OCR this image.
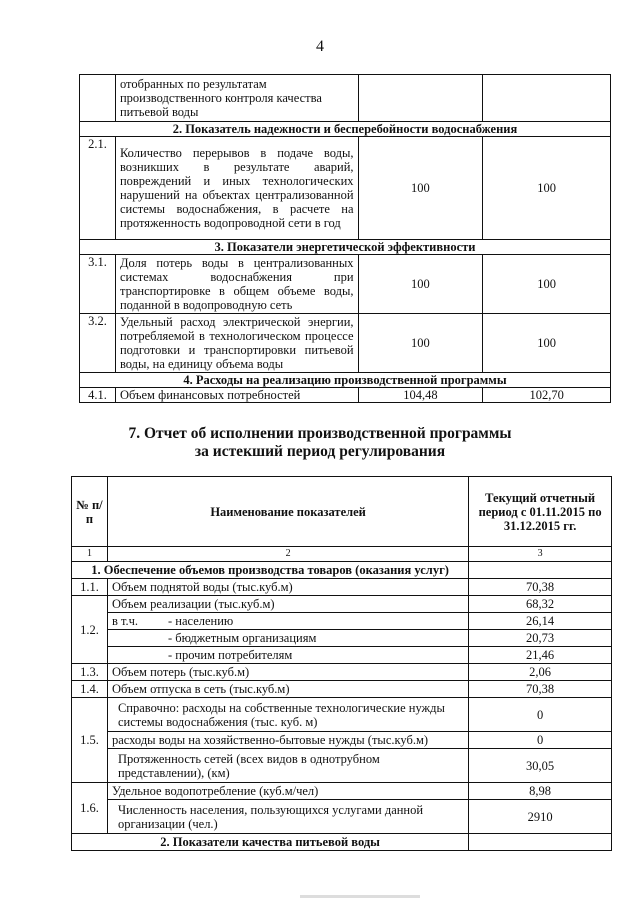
4
	отобранных по результатам производственного контроля качества питьевой воды		
2. Показатель надежности и бесперебойности водоснабжения			
2.1.	Количество перерывов в подаче воды, возникших в результате аварий, повреждений и иных технологических нарушений на объектах централизованной системы водоснабжения, в расчете на протяженность водопроводной сети в год	100	100
3. Показатели энергетической эффективности			
3.1.	Доля потерь воды в централизованных системах водоснабжения при транспортировке в общем объеме воды, поданной в водопроводную сеть	100	100
3.2.	Удельный расход электрической энергии, потребляемой в технологическом процессе подготовки и транспортировки питьевой воды, на единицу объема воды	100	100
4. Расходы на реализацию производственной программы			
4.1.	Объем финансовых потребностей	104,48	102,70
7. Отчет об исполнении производственной программы
за истекший период регулирования
№ п/п	Наименование показателей	Текущий отчетный период с 01.11.2015 по 31.12.2015 гг.
1	2	3
1. Обеспечение объемов производства товаров (оказания услуг)		
1.1.	Объем поднятой воды (тыс.куб.м)	70,38
1.2.	Объем реализации (тыс.куб.м)	68,32
	в т.ч. - населению	26,14
	- бюджетным организациям	20,73
	- прочим потребителям	21,46
1.3.	Объем потерь (тыс.куб.м)	2,06
1.4.	Объем отпуска в сеть (тыс.куб.м)	70,38
1.5.	Справочно: расходы на собственные технологические нужды системы водоснабжения (тыс. куб. м)	0
	расходы воды на хозяйственно-бытовые нужды (тыс.куб.м)	0
	Протяженность сетей (всех видов в однотрубном представлении), (км)	30,05
1.6.	Удельное водопотребление (куб.м/чел)	8,98
	Численность населения, пользующихся услугами данной организации (чел.)	2910
2. Показатели качества питьевой воды		
